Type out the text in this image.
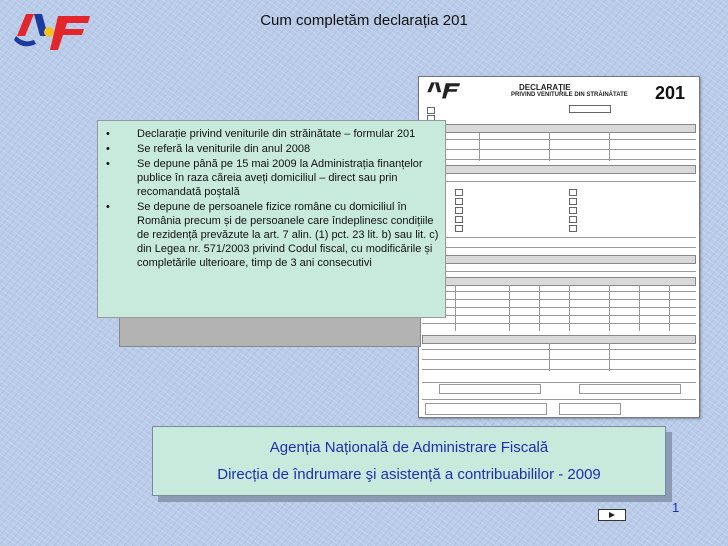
Cum completăm declarația 201
DECLARAȚIE
PRIVIND VENITURILE DIN STRĂINĂTATE 201
• Declarație privind veniturile din străinătate – formular 201
• Se referă la veniturile din anul 2008
• Se depune până pe 15 mai 2009 la Administrația finanțelor publice în raza căreia aveți domiciliul – direct sau prin recomandată poștală
• Se depune de persoanele fizice române cu domiciliul în România precum și de persoanele care îndeplinesc condițiile de rezidență prevăzute la art. 7 alin. (1) pct. 23 lit. b) sau lit. c) din Legea nr. 571/2003 privind Codul fiscal, cu modificările și completările ulterioare, timp de 3 ani consecutivi
Agenția Națională de Administrare Fiscală
Direcția de îndrumare şi asistență a contribuabililor - 2009
1
